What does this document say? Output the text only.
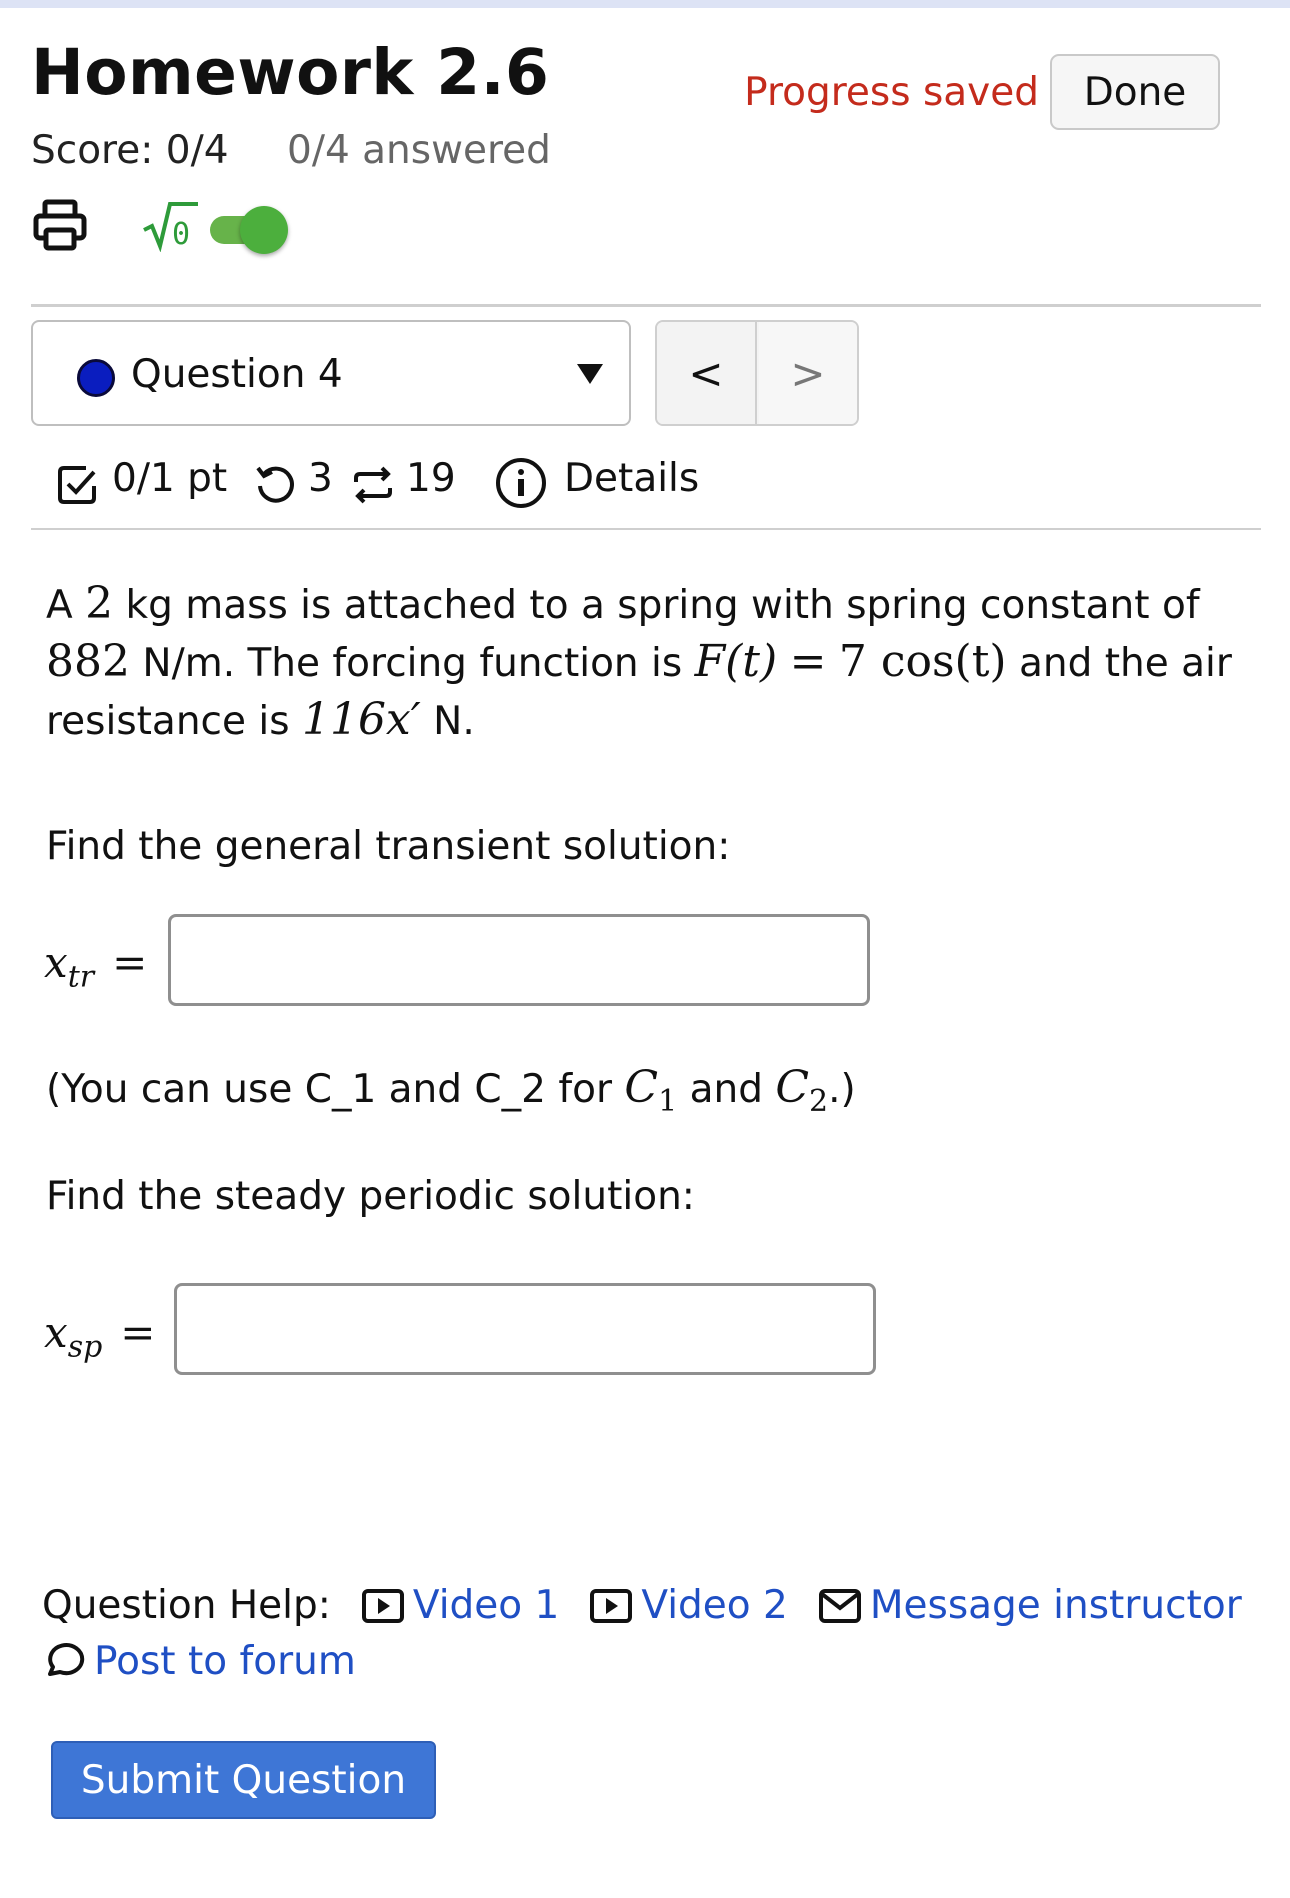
Homework 2.6	Progress saved	Done
Score: 0/4 0/4 answered
0
Question 4	<	>
0/1 pt 3 19	Details
A 2 kg mass is attached to a spring with spring constant of 882 N/m. The forcing function is F(t) = 7 cos(t) and the air resistance is 116x′ N.
Find the general transient solution:
$x_{tr}$ =
(You can use C_1 and C_2 for $C_1$ and $C_2$.)
Find the steady periodic solution:
$x_{sp}$ =
Question Help: Video 1 Video 2 Message instructor
Post to forum
Submit Question
